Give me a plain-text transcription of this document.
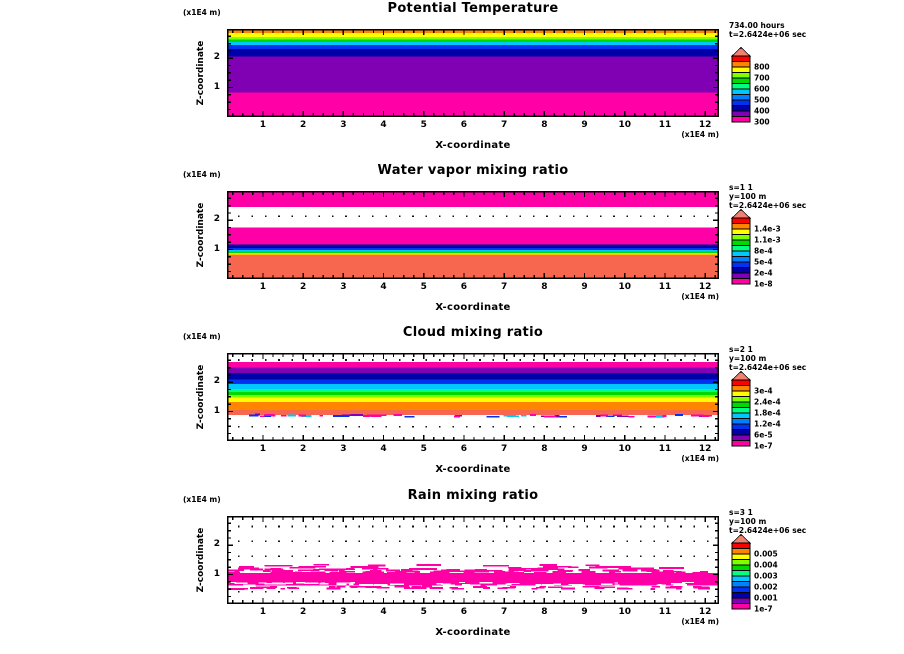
Potential Temperature
(x1E4 m)
Z-coordinate 2
1
734.00 hours
t=2.6424e+06 sec
1	2	3	4	5	6	7	8	9	10	11	12
(x1E4 m)
X-coordinate
300
400
500
600
700
800
Water vapor mixing ratio
(x1E4 m)
Z-coordinate 2
1
s=1 1
y=100 m
t=2.6424e+06 sec
1	2	3	4	5	6	7	8	9	10	11	12
(x1E4 m)
X-coordinate
1e-8
2e-4
5e-4
8e-4
1.1e-3
1.4e-3
Cloud mixing ratio
(x1E4 m)
Z-coordinate 2
1
s=2 1
y=100 m
t=2.6424e+06 sec
1	2	3	4	5	6	7	8	9	10	11	12
(x1E4 m)
X-coordinate
1e-7
6e-5
1.2e-4
1.8e-4
2.4e-4
3e-4
Rain mixing ratio
(x1E4 m)
Z-coordinate 2
1
s=3 1
y=100 m
t=2.6424e+06 sec
1	2	3	4	5	6	7	8	9	10	11	12
(x1E4 m)
X-coordinate
1e-7
0.001
0.002
0.003
0.004
0.005
